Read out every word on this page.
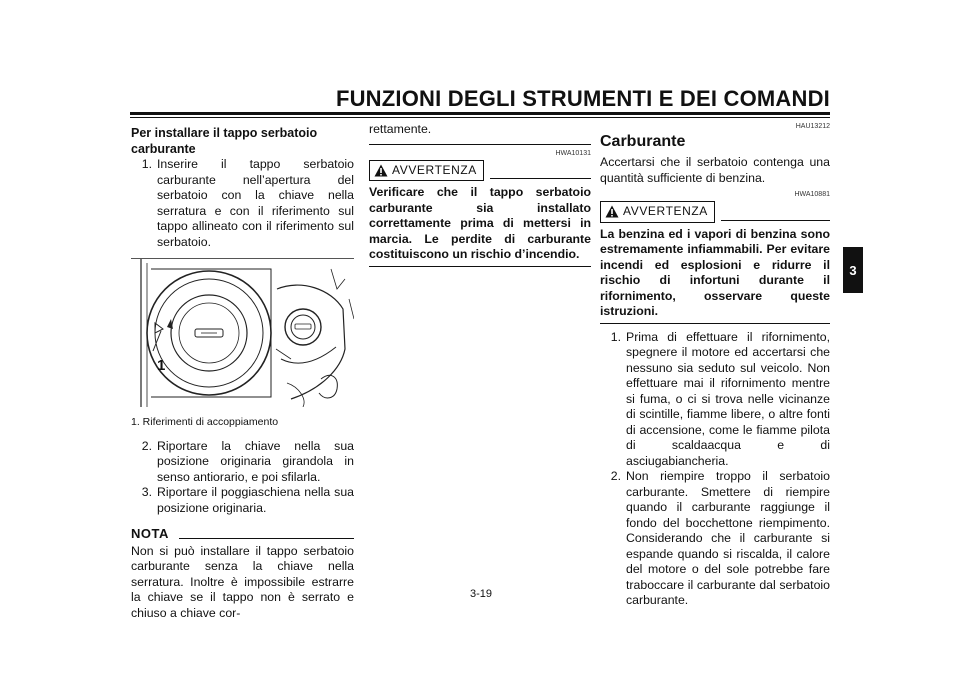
FUNZIONI DEGLI STRUMENTI E DEI COMANDI
3

Per installare il tappo serbatoio
carburante

1. Inserire il tappo serbatoio carburante nell’apertura del serbatoio con la chiave nella serratura e con il riferimento sul tappo allineato con il riferimento sul serbatoio.
1

1. Riferimenti di accoppiamento

2. Riportare la chiave nella sua posizione originaria girandola in senso antiorario, e poi sfilarla.
3. Riportare il poggiaschiena nella sua posizione originaria.
NOTA

Non si può installare il tappo serbatoio carburante senza la chiave nella serratura. Inoltre è impossibile estrarre la chiave se il tappo non è serrato e chiuso a chiave cor-

rettamente.

HWA10131

AVVERTENZA

Verificare che il tappo serbatoio carburante sia installato correttamente prima di mettersi in marcia. Le perdite di carburante costituiscono un rischio d’incendio.

HAU13212

Carburante

Accertarsi che il serbatoio contenga una quantità sufficiente di benzina.

HWA10881

AVVERTENZA

La benzina ed i vapori di benzina sono estremamente infiammabili. Per evitare incendi ed esplosioni e ridurre il rischio di infortuni durante il rifornimento, osservare queste istruzioni.

1. Prima di effettuare il rifornimento, spegnere il motore ed accertarsi che nessuno sia seduto sul veicolo. Non effettuare mai il rifornimento mentre si fuma, o ci si trova nelle vicinanze di scintille, fiamme libere, o altre fonti di accensione, come le fiamme pilota di scaldaacqua e di asciugabiancheria.
2. Non riempire troppo il serbatoio carburante. Smettere di riempire quando il carburante raggiunge il fondo del bocchettone riempimento. Considerando che il carburante si espande quando si riscalda, il calore del motore o del sole potrebbe fare traboccare il carburante dal serbatoio carburante.
3-19
